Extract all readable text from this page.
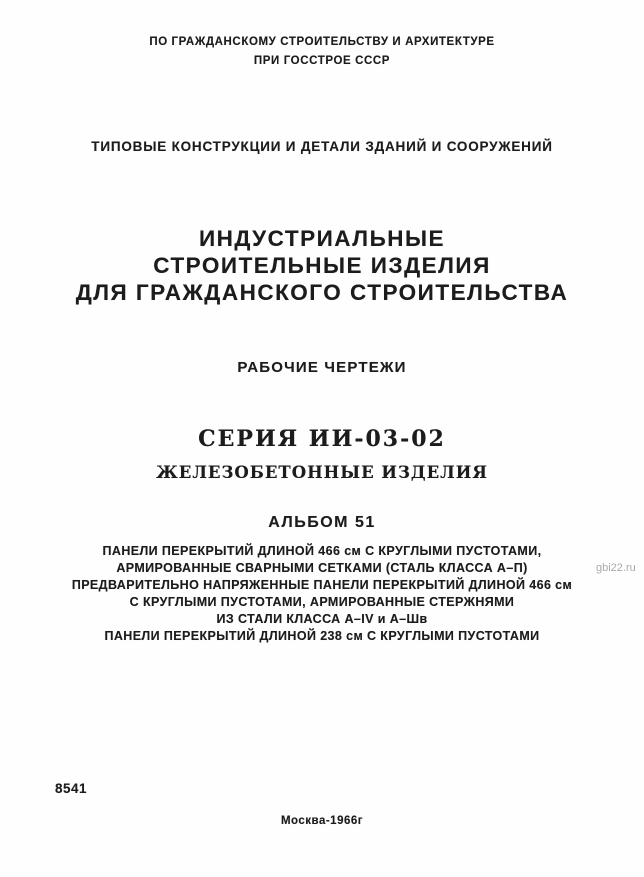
ПО ГРАЖДАНСКОМУ СТРОИТЕЛЬСТВУ И АРХИТЕКТУРЕ
ПРИ ГОССТРОЕ СССР
ТИПОВЫЕ КОНСТРУКЦИИ И ДЕТАЛИ ЗДАНИЙ И СООРУЖЕНИЙ
ИНДУСТРИАЛЬНЫЕ
СТРОИТЕЛЬНЫЕ ИЗДЕЛИЯ
ДЛЯ ГРАЖДАНСКОГО СТРОИТЕЛЬСТВА
РАБОЧИЕ ЧЕРТЕЖИ
СЕРИЯ ИИ-03-02
ЖЕЛЕЗОБЕТОННЫЕ ИЗДЕЛИЯ
АЛЬБОМ 51
ПАНЕЛИ ПЕРЕКРЫТИЙ ДЛИНОЙ 466 см С КРУГЛЫМИ ПУСТОТАМИ,
АРМИРОВАННЫЕ СВАРНЫМИ СЕТКАМИ (СТАЛЬ КЛАССА А–П)
ПРЕДВАРИТЕЛЬНО НАПРЯЖЕННЫЕ ПАНЕЛИ ПЕРЕКРЫТИЙ ДЛИНОЙ 466 см
С КРУГЛЫМИ ПУСТОТАМИ, АРМИРОВАННЫЕ СТЕРЖНЯМИ
ИЗ СТАЛИ КЛАССА А–IV и А–Шв
ПАНЕЛИ ПЕРЕКРЫТИЙ ДЛИНОЙ 238 см С КРУГЛЫМИ ПУСТОТАМИ
gbi22.ru
8541
Москва-1966г
